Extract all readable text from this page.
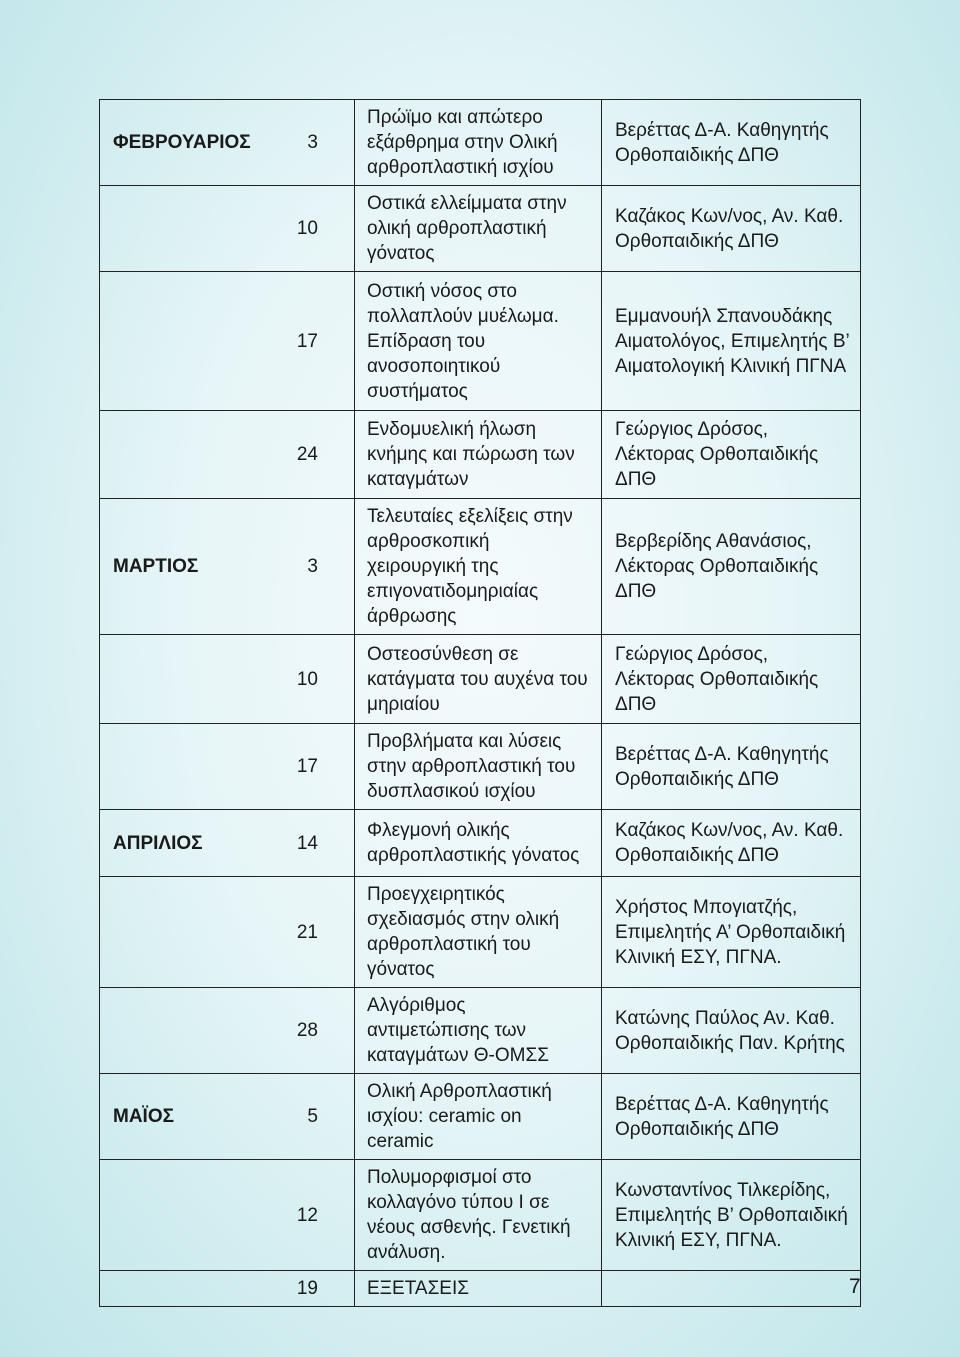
ΦΕΒΡΟΥΑΡΙΟΣ	3	Πρώϊμο και απώτερο εξάρθρημα στην Ολική αρθροπλαστική ισχίου	Βερέττας Δ-Α. Καθηγητής Ορθοπαιδικής ΔΠΘ
	10	Οστικά ελλείμματα στην ολική αρθροπλαστική γόνατος	Καζάκος Κων/νος, Αν. Καθ. Ορθοπαιδικής ΔΠΘ
	17	Οστική νόσος στο πολλαπλούν μυέλωμα. Επίδραση του ανοσοποιητικού συστήματος	Εμμανουήλ Σπανουδάκης Αιματολόγος, Επιμελητής Β’ Αιματολογική Κλινική ΠΓΝΑ
	24	Ενδομυελική ήλωση κνήμης και πώρωση των καταγμάτων	Γεώργιος Δρόσος, Λέκτορας Ορθοπαιδικής ΔΠΘ
ΜΑΡΤΙΟΣ	3	Τελευταίες εξελίξεις στην αρθροσκοπική χειρουργική της επιγονατιδομηριαίας άρθρωσης	Βερβερίδης Αθανάσιος, Λέκτορας Ορθοπαιδικής ΔΠΘ
	10	Οστεοσύνθεση σε κατάγματα του αυχένα του μηριαίου	Γεώργιος Δρόσος, Λέκτορας Ορθοπαιδικής ΔΠΘ
	17	Προβλήματα και λύσεις στην αρθροπλαστική του δυσπλασικού ισχίου	Βερέττας Δ-Α. Καθηγητής Ορθοπαιδικής ΔΠΘ
ΑΠΡΙΛΙΟΣ	14	Φλεγμονή ολικής αρθροπλαστικής γόνατος	Καζάκος Κων/νος, Αν. Καθ. Ορθοπαιδικής ΔΠΘ
	21	Προεγχειρητικός σχεδιασμός στην ολική αρθροπλαστική του γόνατος	Χρήστος Μπογιατζής, Επιμελητής Α’ Ορθοπαιδική Κλινική ΕΣΥ, ΠΓΝΑ.
	28	Αλγόριθμος αντιμετώπισης των καταγμάτων Θ-ΟΜΣΣ	Κατώνης Παύλος Αν. Καθ. Ορθοπαιδικής Παν. Κρήτης
ΜΑΪΟΣ	5	Ολική Αρθροπλαστική ισχίου: ceramic on ceramic	Βερέττας Δ-Α. Καθηγητής Ορθοπαιδικής ΔΠΘ
	12	Πολυμορφισμοί στο κολλαγόνο τύπου I σε νέους ασθενής. Γενετική ανάλυση.	Κωνσταντίνος Τιλκερίδης, Επιμελητής Β’ Ορθοπαιδική Κλινική ΕΣΥ, ΠΓΝΑ.
	19	ΕΞΕΤΑΣΕΙΣ		7
